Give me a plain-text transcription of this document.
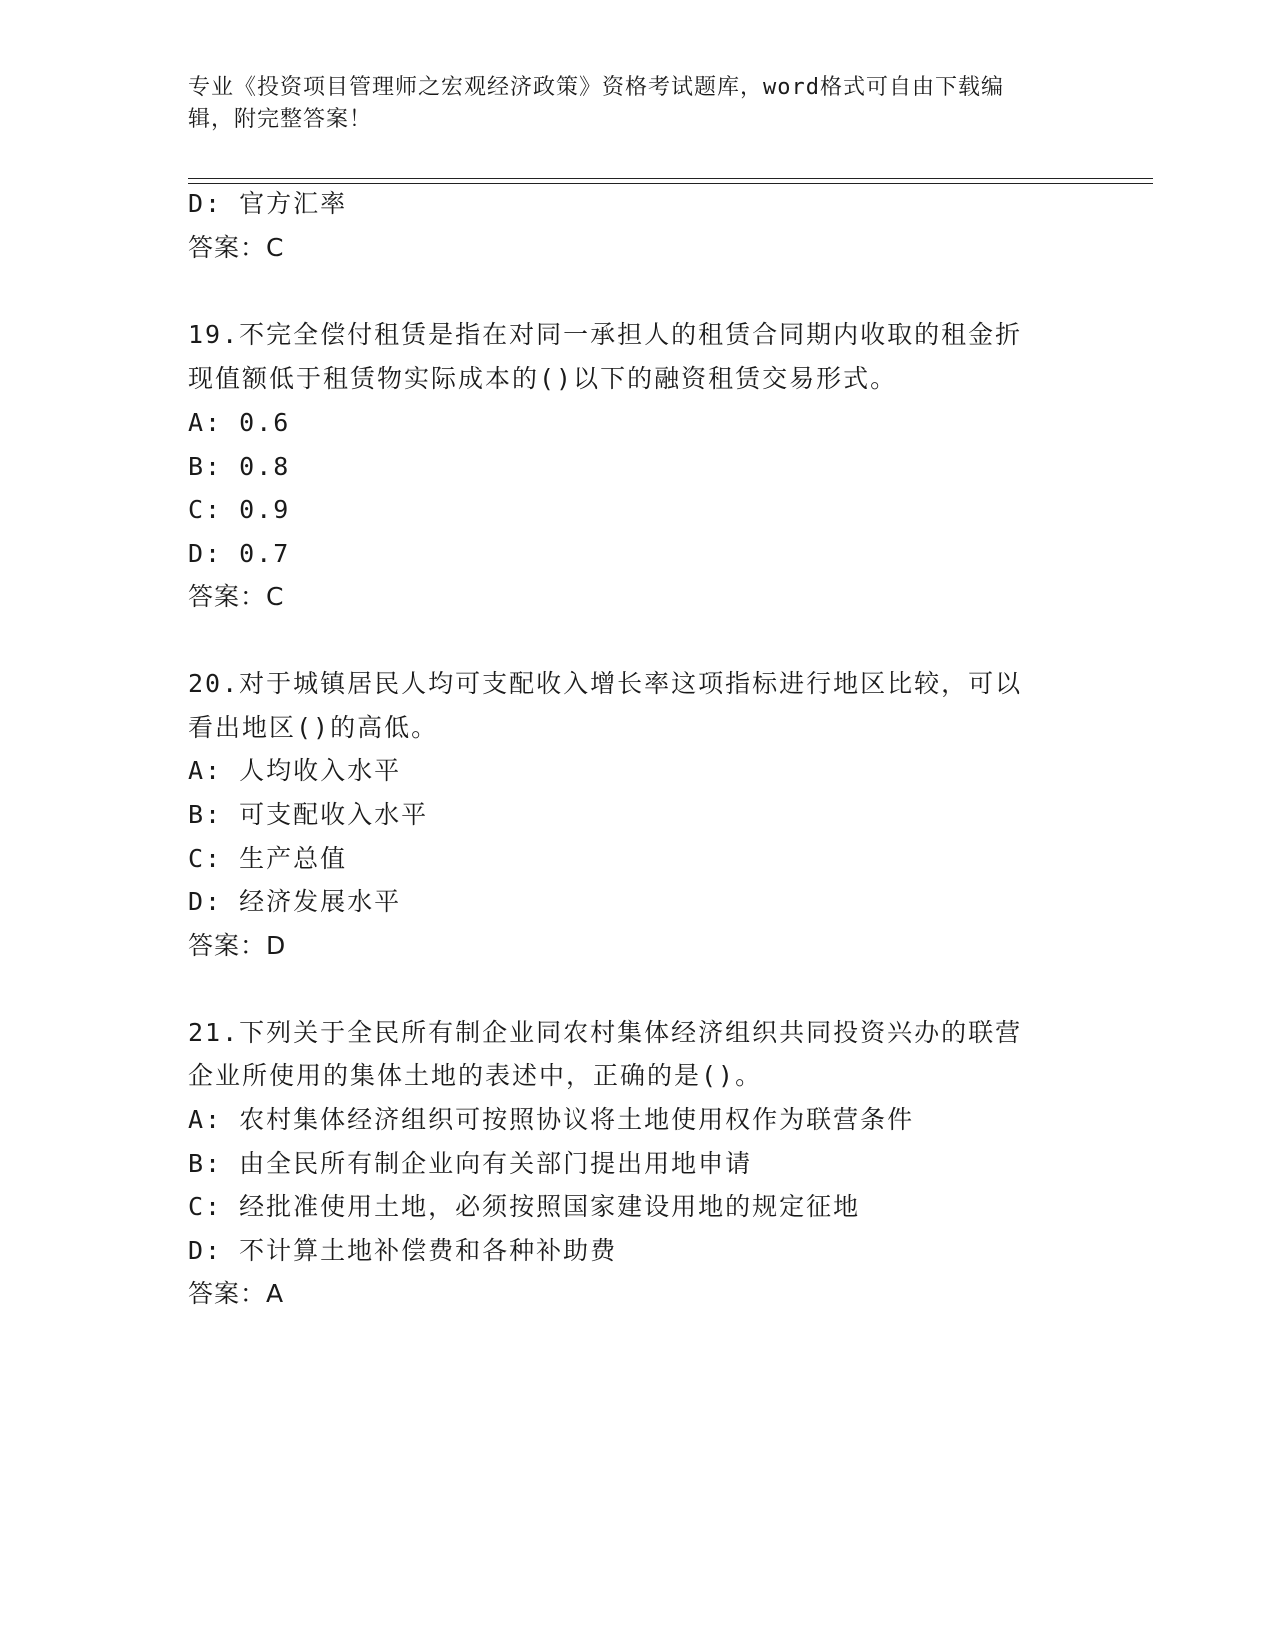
专业《投资项目管理师之宏观经济政策》资格考试题库，word格式可自由下载编
辑，附完整答案！
D: 官方汇率
答案：C
19.不完全偿付租赁是指在对同一承担人的租赁合同期内收取的租金折
现值额低于租赁物实际成本的()以下的融资租赁交易形式。
A: 0.6
B: 0.8
C: 0.9
D: 0.7
答案：C
20.对于城镇居民人均可支配收入增长率这项指标进行地区比较，可以
看出地区()的高低。
A: 人均收入水平
B: 可支配收入水平
C: 生产总值
D: 经济发展水平
答案：D
21.下列关于全民所有制企业同农村集体经济组织共同投资兴办的联营
企业所使用的集体土地的表述中，正确的是()。
A: 农村集体经济组织可按照协议将土地使用权作为联营条件
B: 由全民所有制企业向有关部门提出用地申请
C: 经批准使用土地，必须按照国家建设用地的规定征地
D: 不计算土地补偿费和各种补助费
答案：A
